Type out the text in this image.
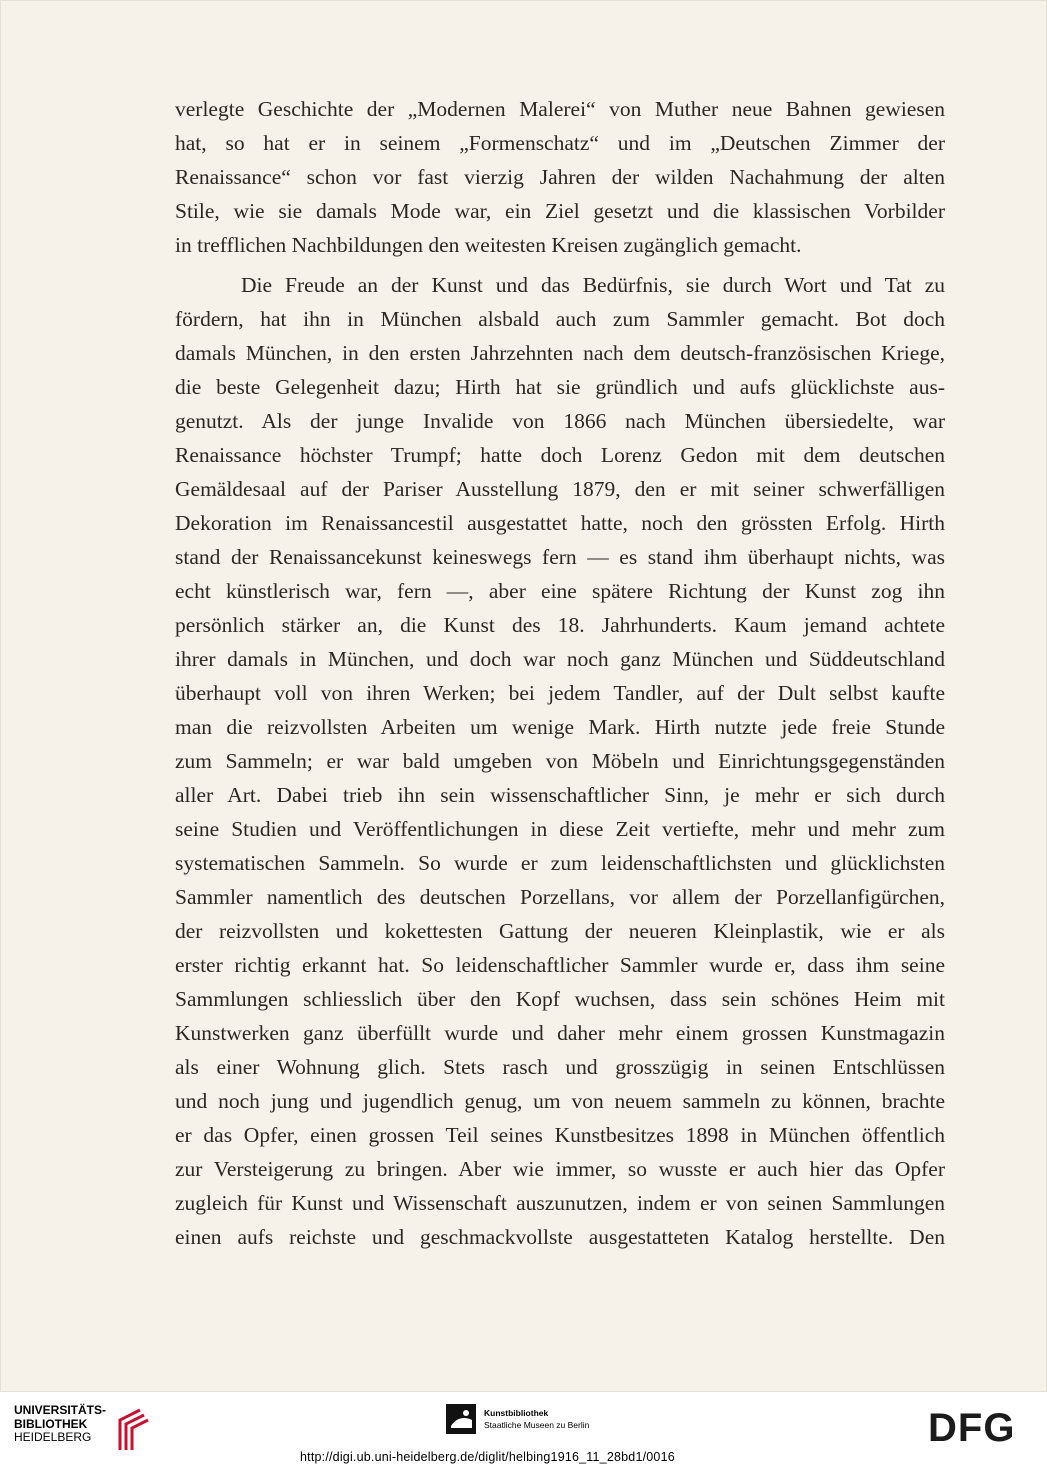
verlegte Geschichte der „Modernen Malerei“ von Muther neue Bahnen gewiesen
hat, so hat er in seinem „Formenschatz“ und im „Deutschen Zimmer der
Renaissance“ schon vor fast vierzig Jahren der wilden Nachahmung der alten
Stile, wie sie damals Mode war, ein Ziel gesetzt und die klassischen Vorbilder
in trefflichen Nachbildungen den weitesten Kreisen zugänglich gemacht.
Die Freude an der Kunst und das Bedürfnis, sie durch Wort und Tat zu
fördern, hat ihn in München alsbald auch zum Sammler gemacht. Bot doch
damals München, in den ersten Jahrzehnten nach dem deutsch-französischen Kriege,
die beste Gelegenheit dazu; Hirth hat sie gründlich und aufs glücklichste aus-
genutzt. Als der junge Invalide von 1866 nach München übersiedelte, war
Renaissance höchster Trumpf; hatte doch Lorenz Gedon mit dem deutschen
Gemäldesaal auf der Pariser Ausstellung 1879, den er mit seiner schwerfälligen
Dekoration im Renaissancestil ausgestattet hatte, noch den grössten Erfolg. Hirth
stand der Renaissancekunst keineswegs fern — es stand ihm überhaupt nichts, was
echt künstlerisch war, fern —, aber eine spätere Richtung der Kunst zog ihn
persönlich stärker an, die Kunst des 18. Jahrhunderts. Kaum jemand achtete
ihrer damals in München, und doch war noch ganz München und Süddeutschland
überhaupt voll von ihren Werken; bei jedem Tandler, auf der Dult selbst kaufte
man die reizvollsten Arbeiten um wenige Mark. Hirth nutzte jede freie Stunde
zum Sammeln; er war bald umgeben von Möbeln und Einrichtungsgegenständen
aller Art. Dabei trieb ihn sein wissenschaftlicher Sinn, je mehr er sich durch
seine Studien und Veröffentlichungen in diese Zeit vertiefte, mehr und mehr zum
systematischen Sammeln. So wurde er zum leidenschaftlichsten und glücklichsten
Sammler namentlich des deutschen Porzellans, vor allem der Porzellanfigürchen,
der reizvollsten und kokettesten Gattung der neueren Kleinplastik, wie er als
erster richtig erkannt hat. So leidenschaftlicher Sammler wurde er, dass ihm seine
Sammlungen schliesslich über den Kopf wuchsen, dass sein schönes Heim mit
Kunstwerken ganz überfüllt wurde und daher mehr einem grossen Kunstmagazin
als einer Wohnung glich. Stets rasch und grosszügig in seinen Entschlüssen
und noch jung und jugendlich genug, um von neuem sammeln zu können, brachte
er das Opfer, einen grossen Teil seines Kunstbesitzes 1898 in München öffentlich
zur Versteigerung zu bringen. Aber wie immer, so wusste er auch hier das Opfer
zugleich für Kunst und Wissenschaft auszunutzen, indem er von seinen Sammlungen
einen aufs reichste und geschmackvollste ausgestatteten Katalog herstellte. Den
UNIVERSITÄTS-
BIBLIOTHEK
HEIDELBERG
Kunstbibliothek
Staatliche Museen zu Berlin	DFG
http://digi.ub.uni-heidelberg.de/diglit/helbing1916_11_28bd1/0016
